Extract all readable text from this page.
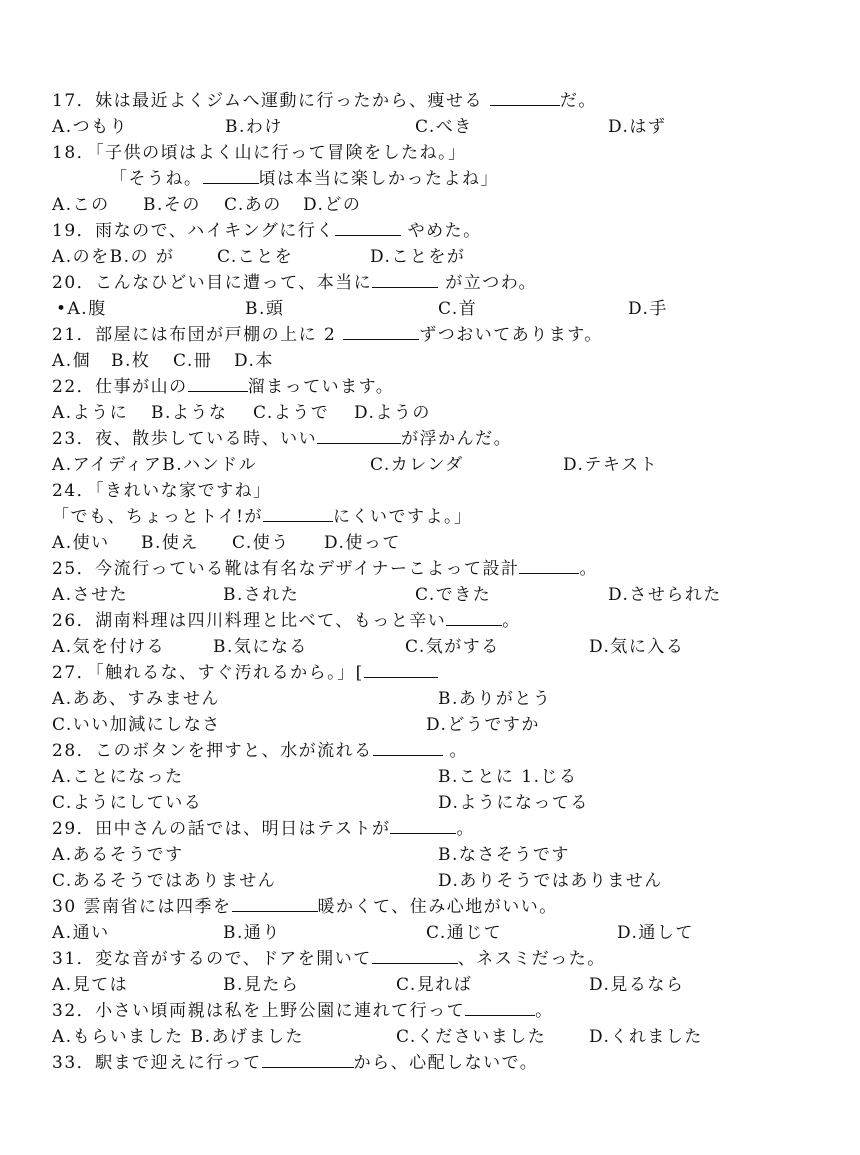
17．妹は最近よくジムへ運動に行ったから、痩せる	だ。

A.つもり

	B.わけ

	C.べき

	D.はず

18．「子供の頃はよく山に行って冒険をしたね。」
「そうね。	頃は本当に楽しかったよね」

A.この

B.その

C.あの

D.どの

19．雨なので、ハイキングに行く	やめた。

A.のをB.の が

	C.ことを

	D.ことをが

20．こんなひどい目に遭って、本当に	が立つわ。

•A.腹

	B.頭

	C.首

	D.手

21．部屋には布団が戸棚の上に 2	ずつおいてあります。

A.個

B.枚

C.冊

D.本

22．仕事が山の	溜まっています。

A.ように

B.ような

C.ようで

D.ようの

23．夜、散歩している時、いい	が浮かんだ。

A.アイディアB.ハンドル

	C.カレンダ

	D.テキスト

24．「きれいな家ですね」
「でも、ちょっとトイ!が	にくいですよ。」

A.使い

B.使え

C.使う

D.使って

25．今流行っている靴は有名なデザイナーこよって設計	。

A.させた

	B.された

	C.できた

	D.させられた

26．湖南料理は四川料理と比べて、もっと辛い	。

A.気を付ける

	B.気になる

	C.気がする

	D.気に入る

27．「触れるな、すぐ汚れるから。」[

A.ああ、すみません

	B.ありがとう

C.いい加減にしなさ

	D.どうですか

28．このボタンを押すと、水が流れる	。

A.ことになった

	B.ことに 1.じる

C.ようにしている

	D.ようになってる

29．田中さんの話では、明日はテストが	。

A.あるそうです

	B.なさそうです

C.あるそうではありません

	D.ありそうではありません

30 雲南省には四季を	暖かくて、住み心地がいい。

A.通い

	B.通り

	C.通じて

	D.通して

31．変な音がするので、ドアを開いて	、ネスミだった。

A.見ては

	B.見たら

	C.見れば

	D.見るなら

32．小さい頃両親は私を上野公園に連れて行って	。

A.もらいました B.あげました

	C.くださいました

	D.くれました

33．駅まで迎えに行って	から、心配しないで。
